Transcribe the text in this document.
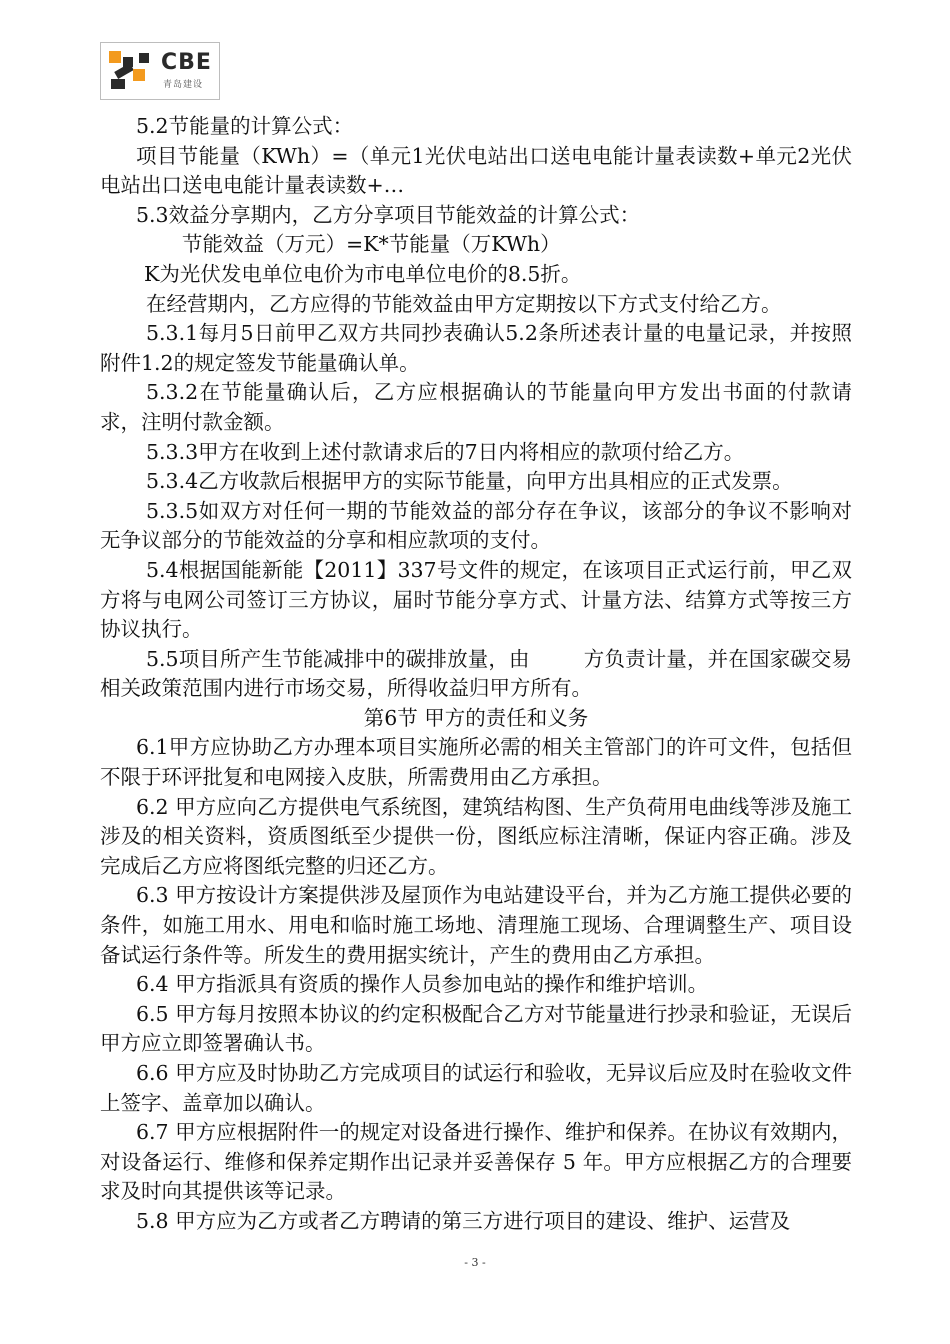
CBE
青岛建设

5.2节能量的计算公式：

项目节能量（KWh）=（单元1光伏电站出口送电电能计量表读数+单元2光伏电站出口送电电能计量表读数+…

5.3效益分享期内，乙方分享项目节能效益的计算公式：

节能效益（万元）=K*节能量（万KWh）

K为光伏发电单位电价为市电单位电价的8.5折。

在经营期内，乙方应得的节能效益由甲方定期按以下方式支付给乙方。

5.3.1每月5日前甲乙双方共同抄表确认5.2条所述表计量的电量记录，并按照附件1.2的规定签发节能量确认单。

5.3.2在节能量确认后，乙方应根据确认的节能量向甲方发出书面的付款请求，注明付款金额。

5.3.3甲方在收到上述付款请求后的7日内将相应的款项付给乙方。

5.3.4乙方收款后根据甲方的实际节能量，向甲方出具相应的正式发票。

5.3.5如双方对任何一期的节能效益的部分存在争议，该部分的争议不影响对无争议部分的节能效益的分享和相应款项的支付。

5.4根据国能新能【2011】337号文件的规定，在该项目正式运行前，甲乙双方将与电网公司签订三方协议，届时节能分享方式、计量方法、结算方式等按三方协议执行。

5.5项目所产生节能减排中的碳排放量，由	方负责计量，并在国家碳交易相关政策范围内进行市场交易，所得收益归甲方所有。

第6节 甲方的责任和义务

6.1甲方应协助乙方办理本项目实施所必需的相关主管部门的许可文件，包括但不限于环评批复和电网接入皮肤，所需费用由乙方承担。

6.2 甲方应向乙方提供电气系统图，建筑结构图、生产负荷用电曲线等涉及施工涉及的相关资料，资质图纸至少提供一份，图纸应标注清晰，保证内容正确。涉及完成后乙方应将图纸完整的归还乙方。

6.3 甲方按设计方案提供涉及屋顶作为电站建设平台，并为乙方施工提供必要的条件，如施工用水、用电和临时施工场地、清理施工现场、合理调整生产、项目设备试运行条件等。所发生的费用据实统计，产生的费用由乙方承担。

6.4 甲方指派具有资质的操作人员参加电站的操作和维护培训。

6.5 甲方每月按照本协议的约定积极配合乙方对节能量进行抄录和验证，无误后甲方应立即签署确认书。

6.6 甲方应及时协助乙方完成项目的试运行和验收，无异议后应及时在验收文件上签字、盖章加以确认。

6.7 甲方应根据附件一的规定对设备进行操作、维护和保养。在协议有效期内，对设备运行、维修和保养定期作出记录并妥善保存 5 年。甲方应根据乙方的合理要求及时向其提供该等记录。

5.8 甲方应为乙方或者乙方聘请的第三方进行项目的建设、维护、运营及

- 3 -
